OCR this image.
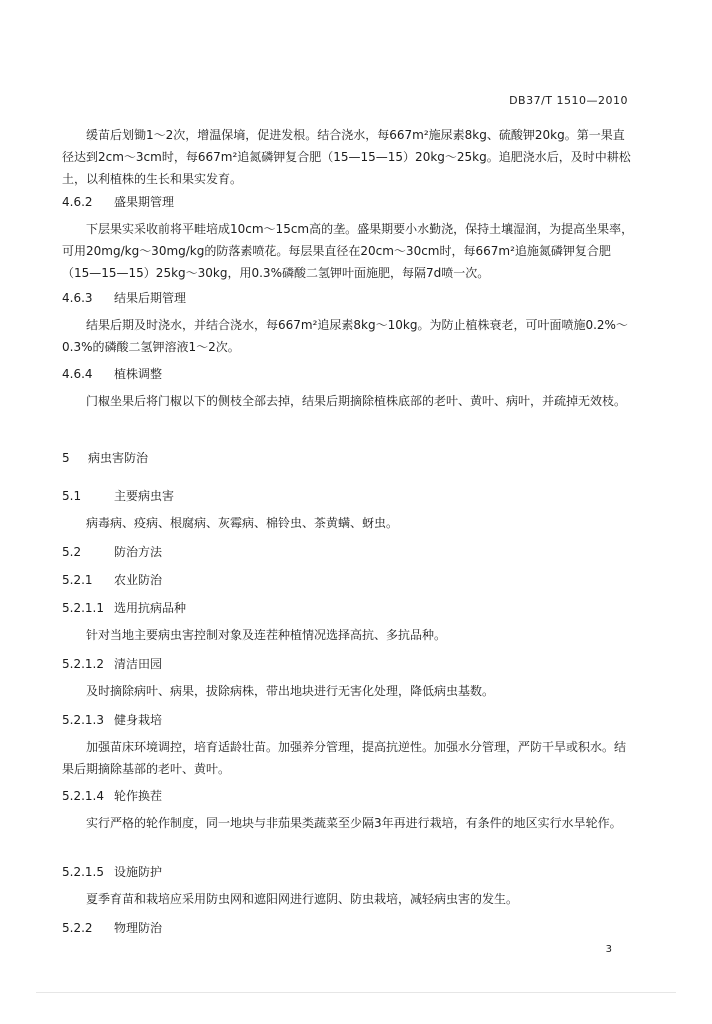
DB37/T 1510—2010
缓苗后划锄1～2次，增温保墒，促进发根。结合浇水，每667m²施尿素8kg、硫酸钾20kg。第一果直径达到2cm～3cm时，每667m²追氮磷钾复合肥（15—15—15）20kg～25kg。追肥浇水后，及时中耕松土，以利植株的生长和果实发育。
4.6.2 盛果期管理
下层果实采收前将平畦培成10cm～15cm高的垄。盛果期要小水勤浇，保持土壤湿润，为提高坐果率，可用20mg/kg～30mg/kg的防落素喷花。每层果直径在20cm～30cm时，每667m²追施氮磷钾复合肥（15—15—15）25kg～30kg，用0.3%磷酸二氢钾叶面施肥，每隔7d喷一次。
4.6.3 结果后期管理
结果后期及时浇水，并结合浇水，每667m²追尿素8kg～10kg。为防止植株衰老，可叶面喷施0.2%～0.3%的磷酸二氢钾溶液1～2次。
4.6.4 植株调整
门椒坐果后将门椒以下的侧枝全部去掉，结果后期摘除植株底部的老叶、黄叶、病叶，并疏掉无效枝。
5 病虫害防治
5.1	主要病虫害
病毒病、疫病、根腐病、灰霉病、棉铃虫、茶黄螨、蚜虫。
5.2	防治方法
5.2.1 农业防治
5.2.1.1 选用抗病品种
针对当地主要病虫害控制对象及连茬种植情况选择高抗、多抗品种。
5.2.1.2 清洁田园
及时摘除病叶、病果，拔除病株，带出地块进行无害化处理，降低病虫基数。
5.2.1.3 健身栽培
加强苗床环境调控，培育适龄壮苗。加强养分管理，提高抗逆性。加强水分管理，严防干旱或积水。结果后期摘除基部的老叶、黄叶。
5.2.1.4 轮作换茬
实行严格的轮作制度，同一地块与非茄果类蔬菜至少隔3年再进行栽培，有条件的地区实行水旱轮作。
5.2.1.5 设施防护
夏季育苗和栽培应采用防虫网和遮阳网进行遮阴、防虫栽培，减轻病虫害的发生。
5.2.2 物理防治
3
